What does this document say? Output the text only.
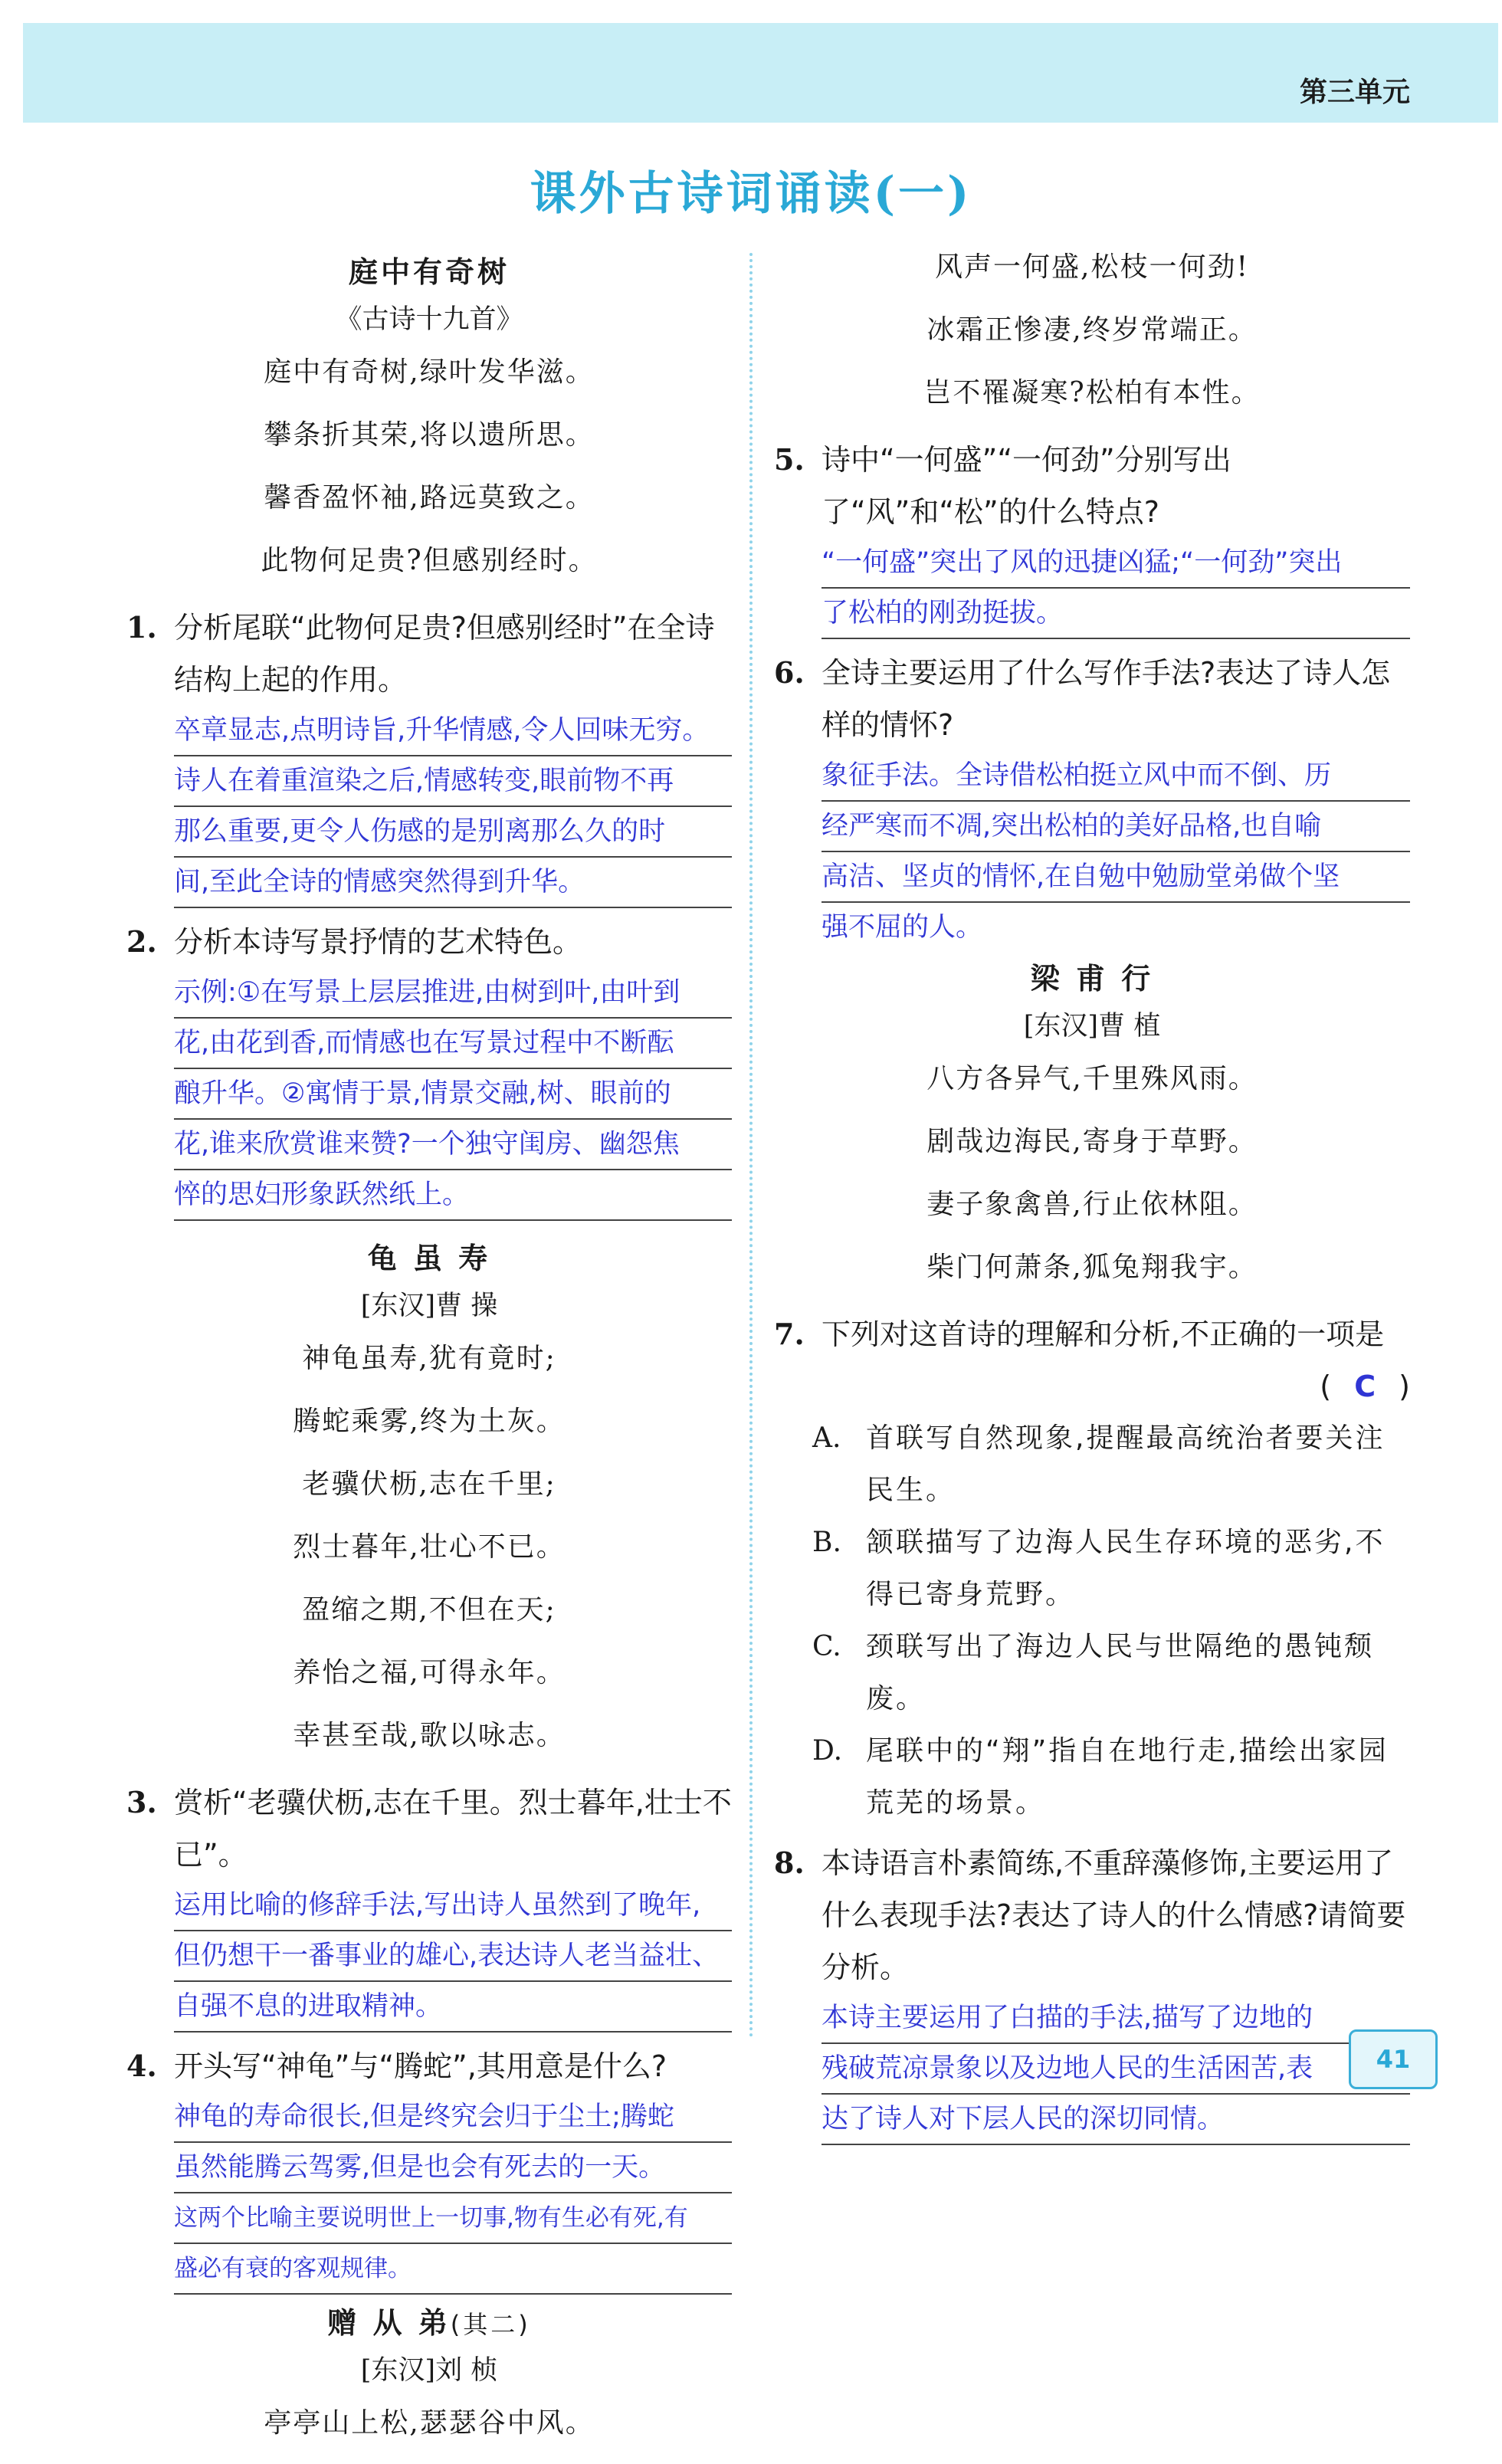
第三单元
课外古诗词诵读(一)
庭中有奇树
《古诗十九首》
庭中有奇树,绿叶发华滋。
攀条折其荣,将以遗所思。
馨香盈怀袖,路远莫致之。
此物何足贵?但感别经时。
1. 分析尾联“此物何足贵?但感别经时”在全诗结构上起的作用。
卒章显志,点明诗旨,升华情感,令人回味无穷。
诗人在着重渲染之后,情感转变,眼前物不再
那么重要,更令人伤感的是别离那么久的时
间,至此全诗的情感突然得到升华。
2. 分析本诗写景抒情的艺术特色。
示例:①在写景上层层推进,由树到叶,由叶到
花,由花到香,而情感也在写景过程中不断酝
酿升华。②寓情于景,情景交融,树、眼前的
花,谁来欣赏谁来赞?一个独守闺房、幽怨焦
悴的思妇形象跃然纸上。
龟 虽 寿
[东汉]曹 操
神龟虽寿,犹有竟时;
腾蛇乘雾,终为土灰。
老骥伏枥,志在千里;
烈士暮年,壮心不已。
盈缩之期,不但在天;
养怡之福,可得永年。
幸甚至哉,歌以咏志。
3. 赏析“老骥伏枥,志在千里。烈士暮年,壮士不已”。
运用比喻的修辞手法,写出诗人虽然到了晚年,
但仍想干一番事业的雄心,表达诗人老当益壮、
自强不息的进取精神。
4. 开头写“神龟”与“腾蛇”,其用意是什么?
神龟的寿命很长,但是终究会归于尘土;腾蛇
虽然能腾云驾雾,但是也会有死去的一天。
这两个比喻主要说明世上一切事,物有生必有死,有
盛必有衰的客观规律。
赠 从 弟(其二)
[东汉]刘 桢
亭亭山上松,瑟瑟谷中风。
风声一何盛,松枝一何劲!
冰霜正惨凄,终岁常端正。
岂不罹凝寒?松柏有本性。
5. 诗中“一何盛”“一何劲”分别写出了“风”和“松”的什么特点?
“一何盛”突出了风的迅捷凶猛;“一何劲”突出
了松柏的刚劲挺拔。
6. 全诗主要运用了什么写作手法?表达了诗人怎样的情怀?
象征手法。全诗借松柏挺立风中而不倒、历
经严寒而不凋,突出松柏的美好品格,也自喻
高洁、坚贞的情怀,在自勉中勉励堂弟做个坚
强不屈的人。
梁 甫 行
[东汉]曹 植
八方各异气,千里殊风雨。
剧哉边海民,寄身于草野。
妻子象禽兽,行止依林阻。
柴门何萧条,狐兔翔我宇。
7. 下列对这首诗的理解和分析,不正确的一项是
( C )
A. 首联写自然现象,提醒最高统治者要关注民生。
B. 颔联描写了边海人民生存环境的恶劣,不得已寄身荒野。
C. 颈联写出了海边人民与世隔绝的愚钝颓废。
D. 尾联中的“翔”指自在地行走,描绘出家园荒芜的场景。
8. 本诗语言朴素简练,不重辞藻修饰,主要运用了什么表现手法?表达了诗人的什么情感?请简要分析。
本诗主要运用了白描的手法,描写了边地的
残破荒凉景象以及边地人民的生活困苦,表
达了诗人对下层人民的深切同情。
41
